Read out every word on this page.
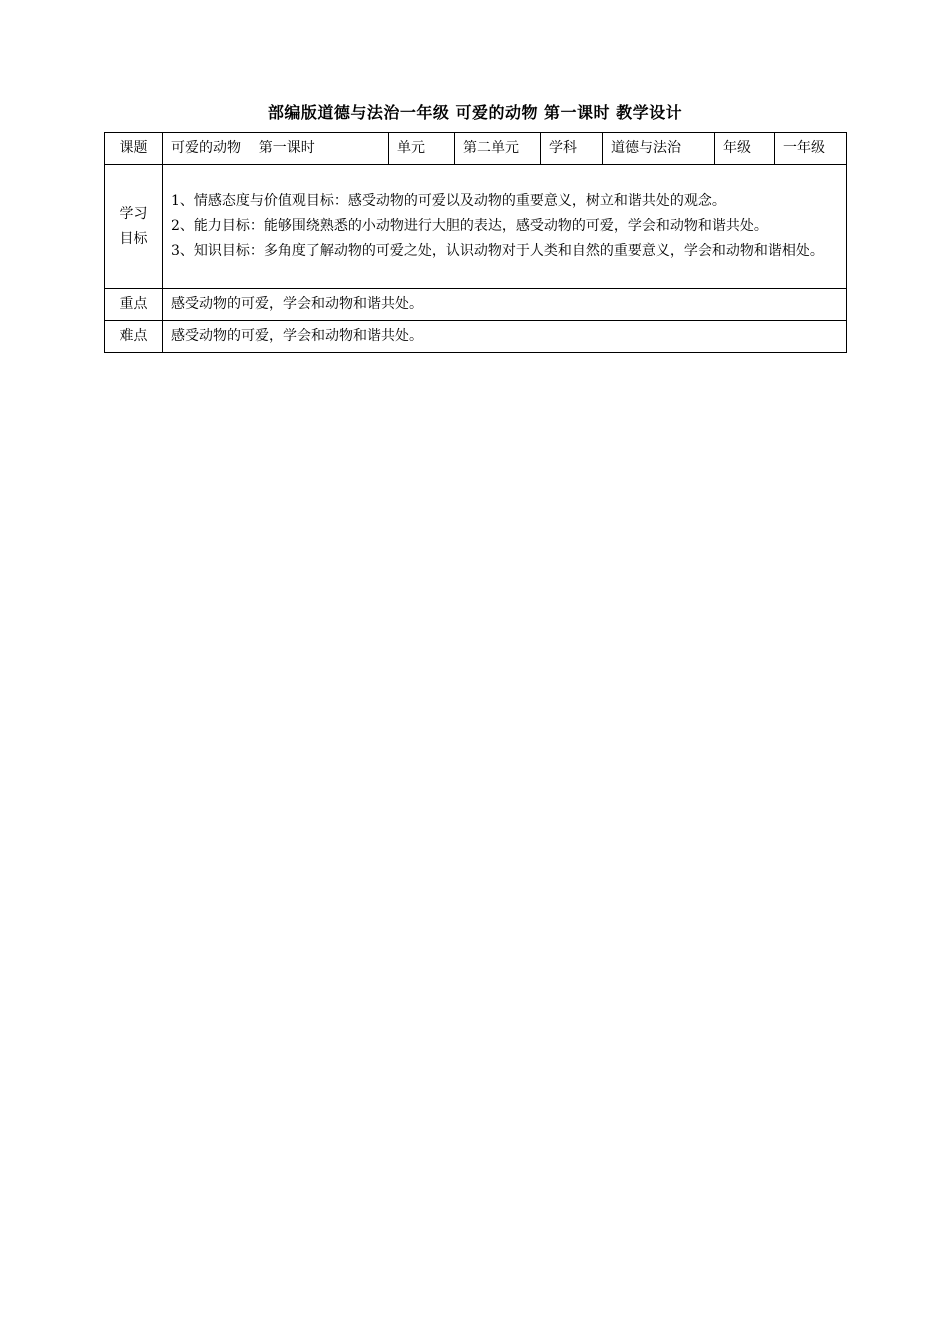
部编版道德与法治一年级 可爱的动物 第一课时 教学设计
课题	可爱的动物    第一课时	单元	第二单元	学科	道德与法治	年级	一年级

学习
目标	1、情感态度与价值观目标：感受动物的可爱以及动物的重要意义，树立和谐共处的观念。
2、能力目标：能够围绕熟悉的小动物进行大胆的表达，感受动物的可爱，学会和动物和谐共处。
3、知识目标：多角度了解动物的可爱之处，认识动物对于人类和自然的重要意义，学会和动物和谐相处。						

重点	感受动物的可爱，学会和动物和谐共处。						
难点	感受动物的可爱，学会和动物和谐共处。						
